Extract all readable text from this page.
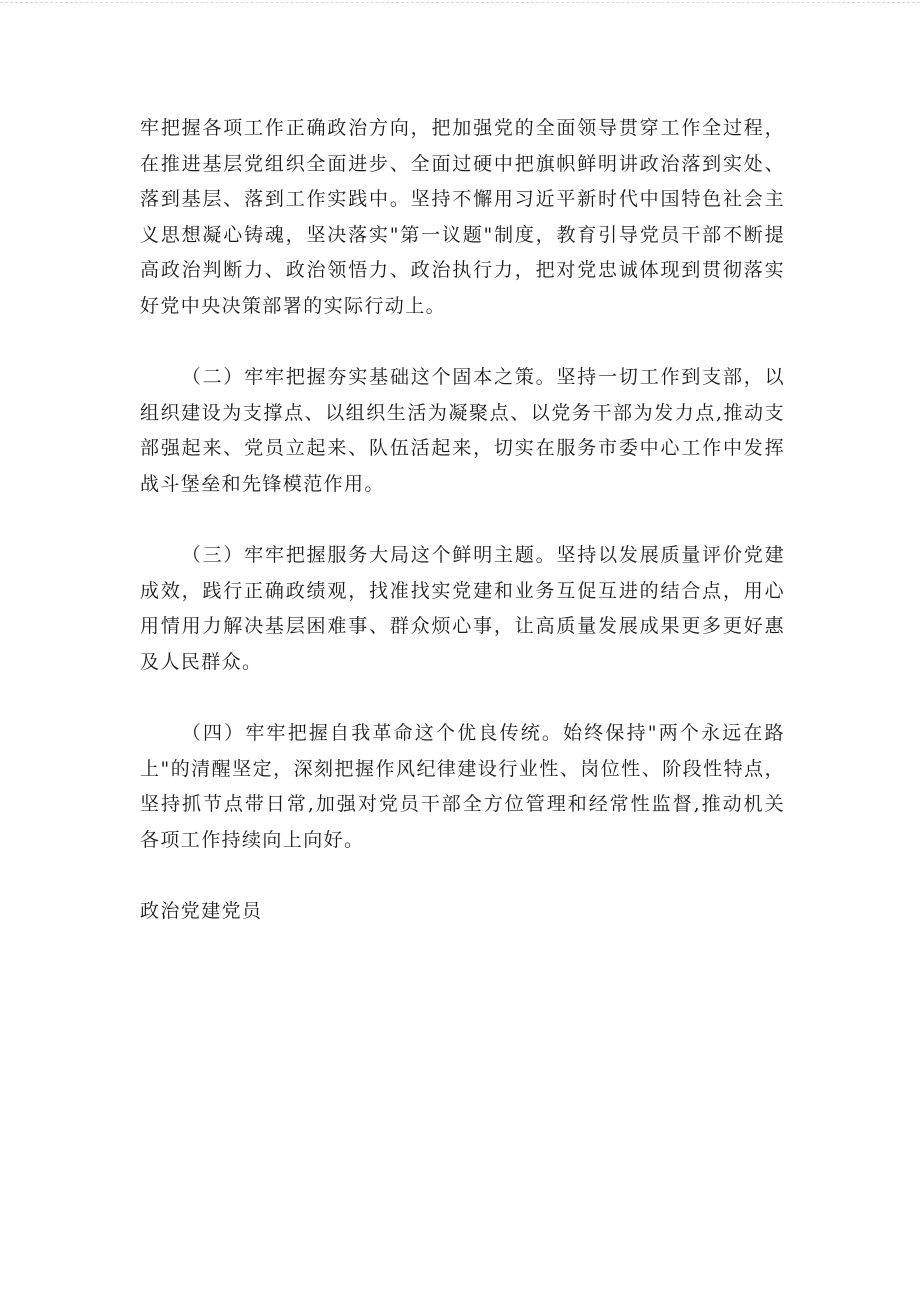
牢把握各项工作正确政治方向，把加强党的全面领导贯穿工作全过程，在推进基层党组织全面进步、全面过硬中把旗帜鲜明讲政治落到实处、落到基层、落到工作实践中。坚持不懈用习近平新时代中国特色社会主义思想凝心铸魂，坚决落实"第一议题"制度，教育引导党员干部不断提高政治判断力、政治领悟力、政治执行力，把对党忠诚体现到贯彻落实好党中央决策部署的实际行动上。

（二）牢牢把握夯实基础这个固本之策。坚持一切工作到支部，以组织建设为支撑点、以组织生活为凝聚点、以党务干部为发力点,推动支部强起来、党员立起来、队伍活起来，切实在服务市委中心工作中发挥战斗堡垒和先锋模范作用。

（三）牢牢把握服务大局这个鲜明主题。坚持以发展质量评价党建成效，践行正确政绩观，找准找实党建和业务互促互进的结合点，用心用情用力解决基层困难事、群众烦心事，让高质量发展成果更多更好惠及人民群众。

（四）牢牢把握自我革命这个优良传统。始终保持"两个永远在路上"的清醒坚定，深刻把握作风纪律建设行业性、岗位性、阶段性特点，坚持抓节点带日常,加强对党员干部全方位管理和经常性监督,推动机关各项工作持续向上向好。

政治党建党员
